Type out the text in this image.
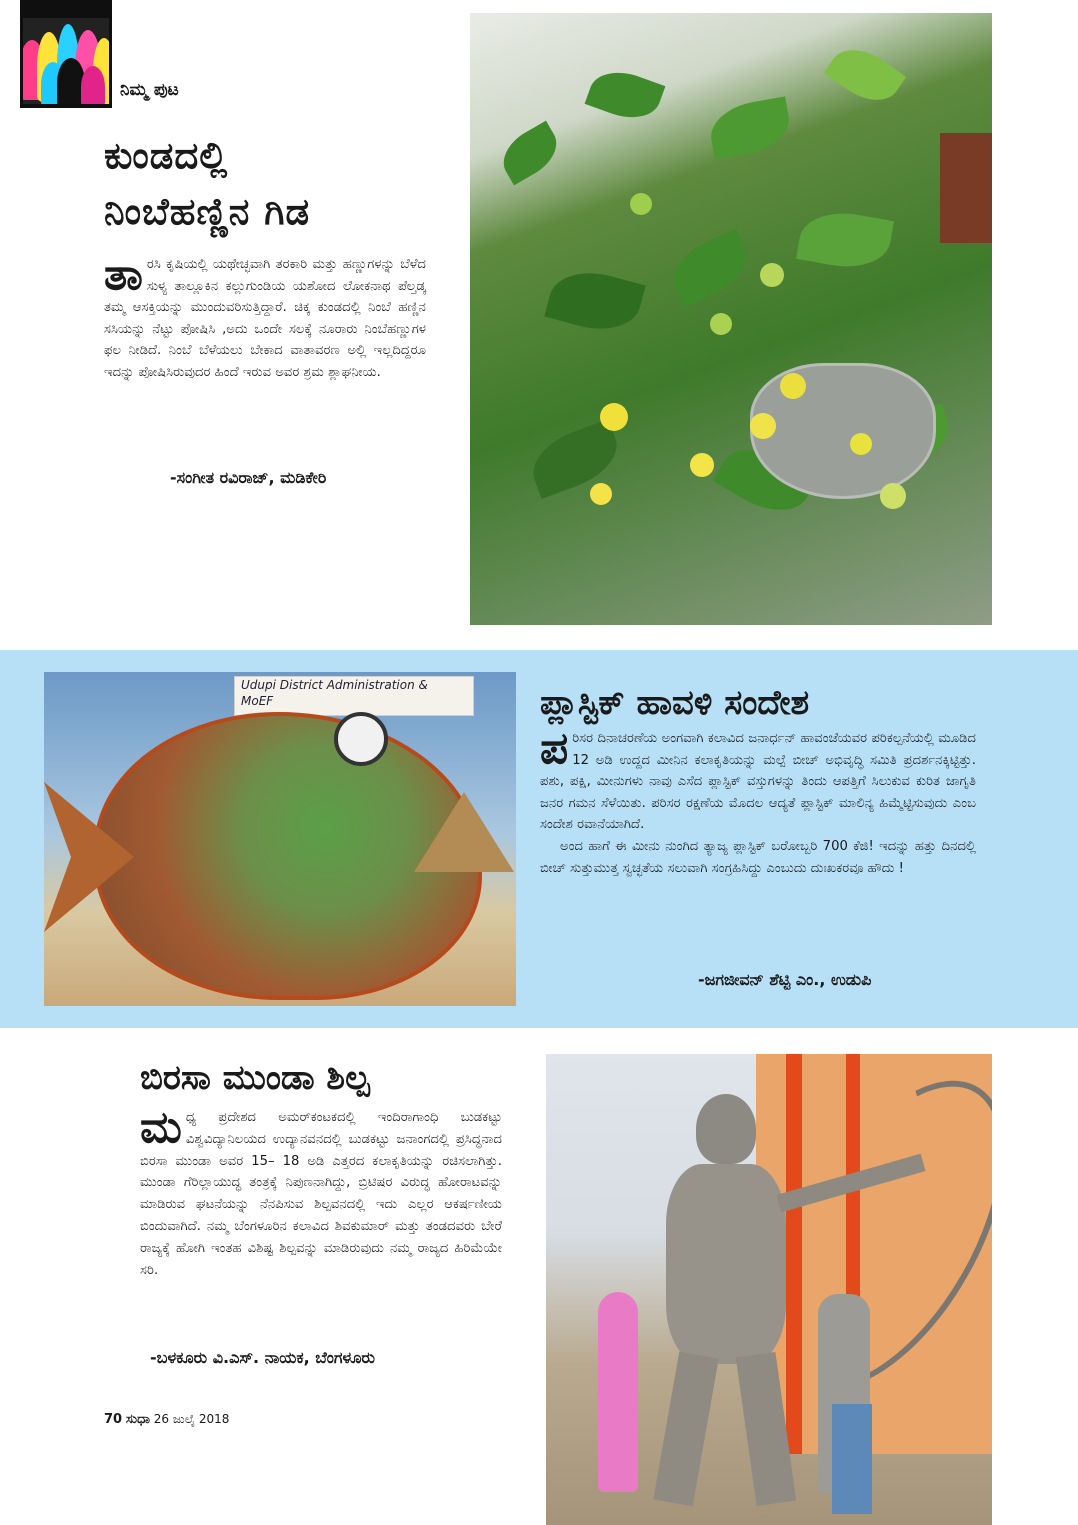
ನಿಮ್ಮ ಪುಟ
ಕುಂಡದಲ್ಲಿ
ನಿಂಬೆಹಣ್ಣಿನ ಗಿಡ
ತಾರಸಿ ಕೃಷಿಯಲ್ಲಿ ಯಥೇಚ್ಛವಾಗಿ ತರಕಾರಿ ಮತ್ತು ಹಣ್ಣುಗಳನ್ನು ಬೆಳೆದ ಸುಳ್ಯ ತಾಲ್ಲೂಕಿನ ಕಲ್ಲುಗುಂಡಿಯ ಯಶೋದ ಲೋಕನಾಥ ಪೆಲ್ತಡ್ಕ ತಮ್ಮ ಆಸಕ್ತಿಯನ್ನು ಮುಂದುವರಿಸುತ್ತಿದ್ದಾರೆ. ಚಿಕ್ಕ ಕುಂಡದಲ್ಲಿ ನಿಂಬೆ ಹಣ್ಣಿನ ಸಸಿಯನ್ನು ನೆಟ್ಟು ಪೋಷಿಸಿ ,ಅದು ಒಂದೇ ಸಲಕ್ಕೆ ನೂರಾರು ನಿಂಬೆಹಣ್ಣುಗಳ ಫಲ ನೀಡಿದೆ. ನಿಂಬೆ ಬೆಳೆಯಲು ಬೇಕಾದ ವಾತಾವರಣ ಅಲ್ಲಿ ಇಲ್ಲದಿದ್ದರೂ ಇದನ್ನು ಪೋಷಿಸಿರುವುದರ ಹಿಂದೆ ಇರುವ ಅವರ ಶ್ರಮ ಶ್ಲಾಘನೀಯ.
-ಸಂಗೀತ ರವಿರಾಜ್, ಮಡಿಕೇರಿ
Udupi District Administration &
MoEF	ಪ್ಲಾಸ್ಟಿಕ್ ಹಾವಳಿ ಸಂದೇಶ
ಪರಿಸರ ದಿನಾಚರಣೆಯ ಅಂಗವಾಗಿ ಕಲಾವಿದ ಜನಾರ್ಧನ್ ಹಾವಂಜೆಯವರ ಪರಿಕಲ್ಪನೆಯಲ್ಲಿ ಮೂಡಿದ 12 ಅಡಿ ಉದ್ದದ ಮೀನಿನ ಕಲಾಕೃತಿಯನ್ನು ಮಲ್ಪೆ ಬೀಚ್ ಅಭಿವೃದ್ಧಿ ಸಮಿತಿ ಪ್ರದರ್ಶನಕ್ಕಿಟ್ಟಿತ್ತು. ಪಶು, ಪಕ್ಷಿ, ಮೀನುಗಳು ನಾವು ಎಸೆದ ಪ್ಲಾಸ್ಟಿಕ್ ವಸ್ತುಗಳನ್ನು ತಿಂದು ಆಪತ್ತಿಗೆ ಸಿಲುಕುವ ಕುರಿತ ಜಾಗೃತಿ ಜನರ ಗಮನ ಸೆಳೆಯಿತು. ಪರಿಸರ ರಕ್ಷಣೆಯ ಮೊದಲ ಆದ್ಯತೆ ಪ್ಲಾಸ್ಟಿಕ್ ಮಾಲಿನ್ಯ ಹಿಮ್ಮೆಟ್ಟಿಸುವುದು ಎಂಬ ಸಂದೇಶ ರವಾನೆಯಾಗಿದೆ.
ಅಂದ ಹಾಗೆ ಈ ಮೀನು ನುಂಗಿದ ತ್ಯಾಜ್ಯ ಪ್ಲಾಸ್ಟಿಕ್ ಬರೋಬ್ಬರಿ 700 ಕೆಜಿ! ಇದನ್ನು ಹತ್ತು ದಿನದಲ್ಲಿ ಬೀಚ್ ಸುತ್ತುಮುತ್ತ ಸ್ವಚ್ಛತೆಯ ಸಲುವಾಗಿ ಸಂಗ್ರಹಿಸಿದ್ದು ಎಂಬುದು ದುಃಖಕರವೂ ಹೌದು !
-ಜಗಜೀವನ್ ಶೆಟ್ಟಿ ಎಂ., ಉಡುಪಿ
ಬಿರಸಾ ಮುಂಡಾ ಶಿಲ್ಪ
ಮಧ್ಯ ಪ್ರದೇಶದ ಅಮರ್‌ಕಂಟಕದಲ್ಲಿ ಇಂದಿರಾಗಾಂಧಿ ಬುಡಕಟ್ಟು ವಿಶ್ವವಿದ್ಯಾನಿಲಯದ ಉದ್ಯಾನವನದಲ್ಲಿ ಬುಡಕಟ್ಟು ಜನಾಂಗದಲ್ಲಿ ಪ್ರಸಿದ್ಧನಾದ ಬಿರಸಾ ಮುಂಡಾ ಅವರ 15– 18 ಅಡಿ ಎತ್ತರದ ಕಲಾಕೃತಿಯನ್ನು ರಚಿಸಲಾಗಿತ್ತು. ಮುಂಡಾ ಗೆರಿಲ್ಲಾಯುದ್ಧ ತಂತ್ರಕ್ಕೆ ನಿಪುಣನಾಗಿದ್ದು, ಬ್ರಿಟಿಷರ ವಿರುದ್ಧ ಹೋರಾಟವನ್ನು ಮಾಡಿರುವ ಘಟನೆಯನ್ನು ನೆನಪಿಸುವ ಶಿಲ್ಪವನದಲ್ಲಿ ಇದು ಎಲ್ಲರ ಆಕರ್ಷಣೀಯ ಬಿಂದುವಾಗಿದೆ. ನಮ್ಮ ಬೆಂಗಳೂರಿನ ಕಲಾವಿದ ಶಿವಕುಮಾರ್ ಮತ್ತು ತಂಡದವರು ಬೇರೆ ರಾಜ್ಯಕ್ಕೆ ಹೋಗಿ ಇಂತಹ ವಿಶಿಷ್ಟ ಶಿಲ್ಪವನ್ನು ಮಾಡಿರುವುದು ನಮ್ಮ ರಾಜ್ಯದ ಹಿರಿಮೆಯೇ ಸರಿ.
-ಬಳಕೂರು ವಿ.ಎಸ್. ನಾಯಕ, ಬೆಂಗಳೂರು
70 ಸುಧಾ 26 ಜುಲೈ 2018
